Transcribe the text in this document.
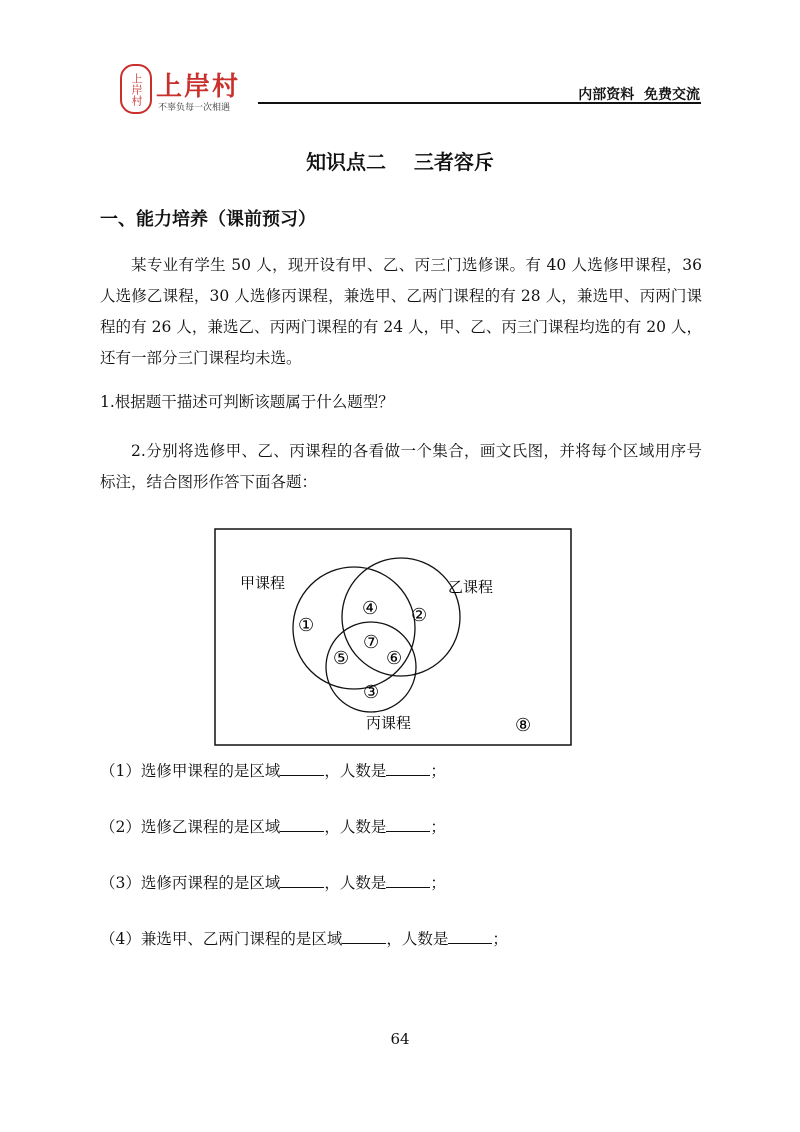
上岸村 上岸村
不辜负每一次相遇
内部资料  免费交流
知识点二    三者容斥
一、能力培养（课前预习）
某专业有学生 50 人，现开设有甲、乙、丙三门选修课。有 40 人选修甲课程，36 人选修乙课程，30 人选修丙课程，兼选甲、乙两门课程的有 28 人，兼选甲、丙两门课程的有 26 人，兼选乙、丙两门课程的有 24 人，甲、乙、丙三门课程均选的有 20 人，还有一部分三门课程均未选。
1.根据题干描述可判断该题属于什么题型？
2.分别将选修甲、乙、丙课程的各看做一个集合，画文氏图，并将每个区域用序号标注，结合图形作答下面各题：
甲课程	乙课程
丙课程
①	②
③
④
⑤ ⑥
⑦
⑧
（1）选修甲课程的是区域	，人数是	；
（2）选修乙课程的是区域	，人数是	；
（3）选修丙课程的是区域	，人数是	；
（4）兼选甲、乙两门课程的是区域	，人数是	；
64
